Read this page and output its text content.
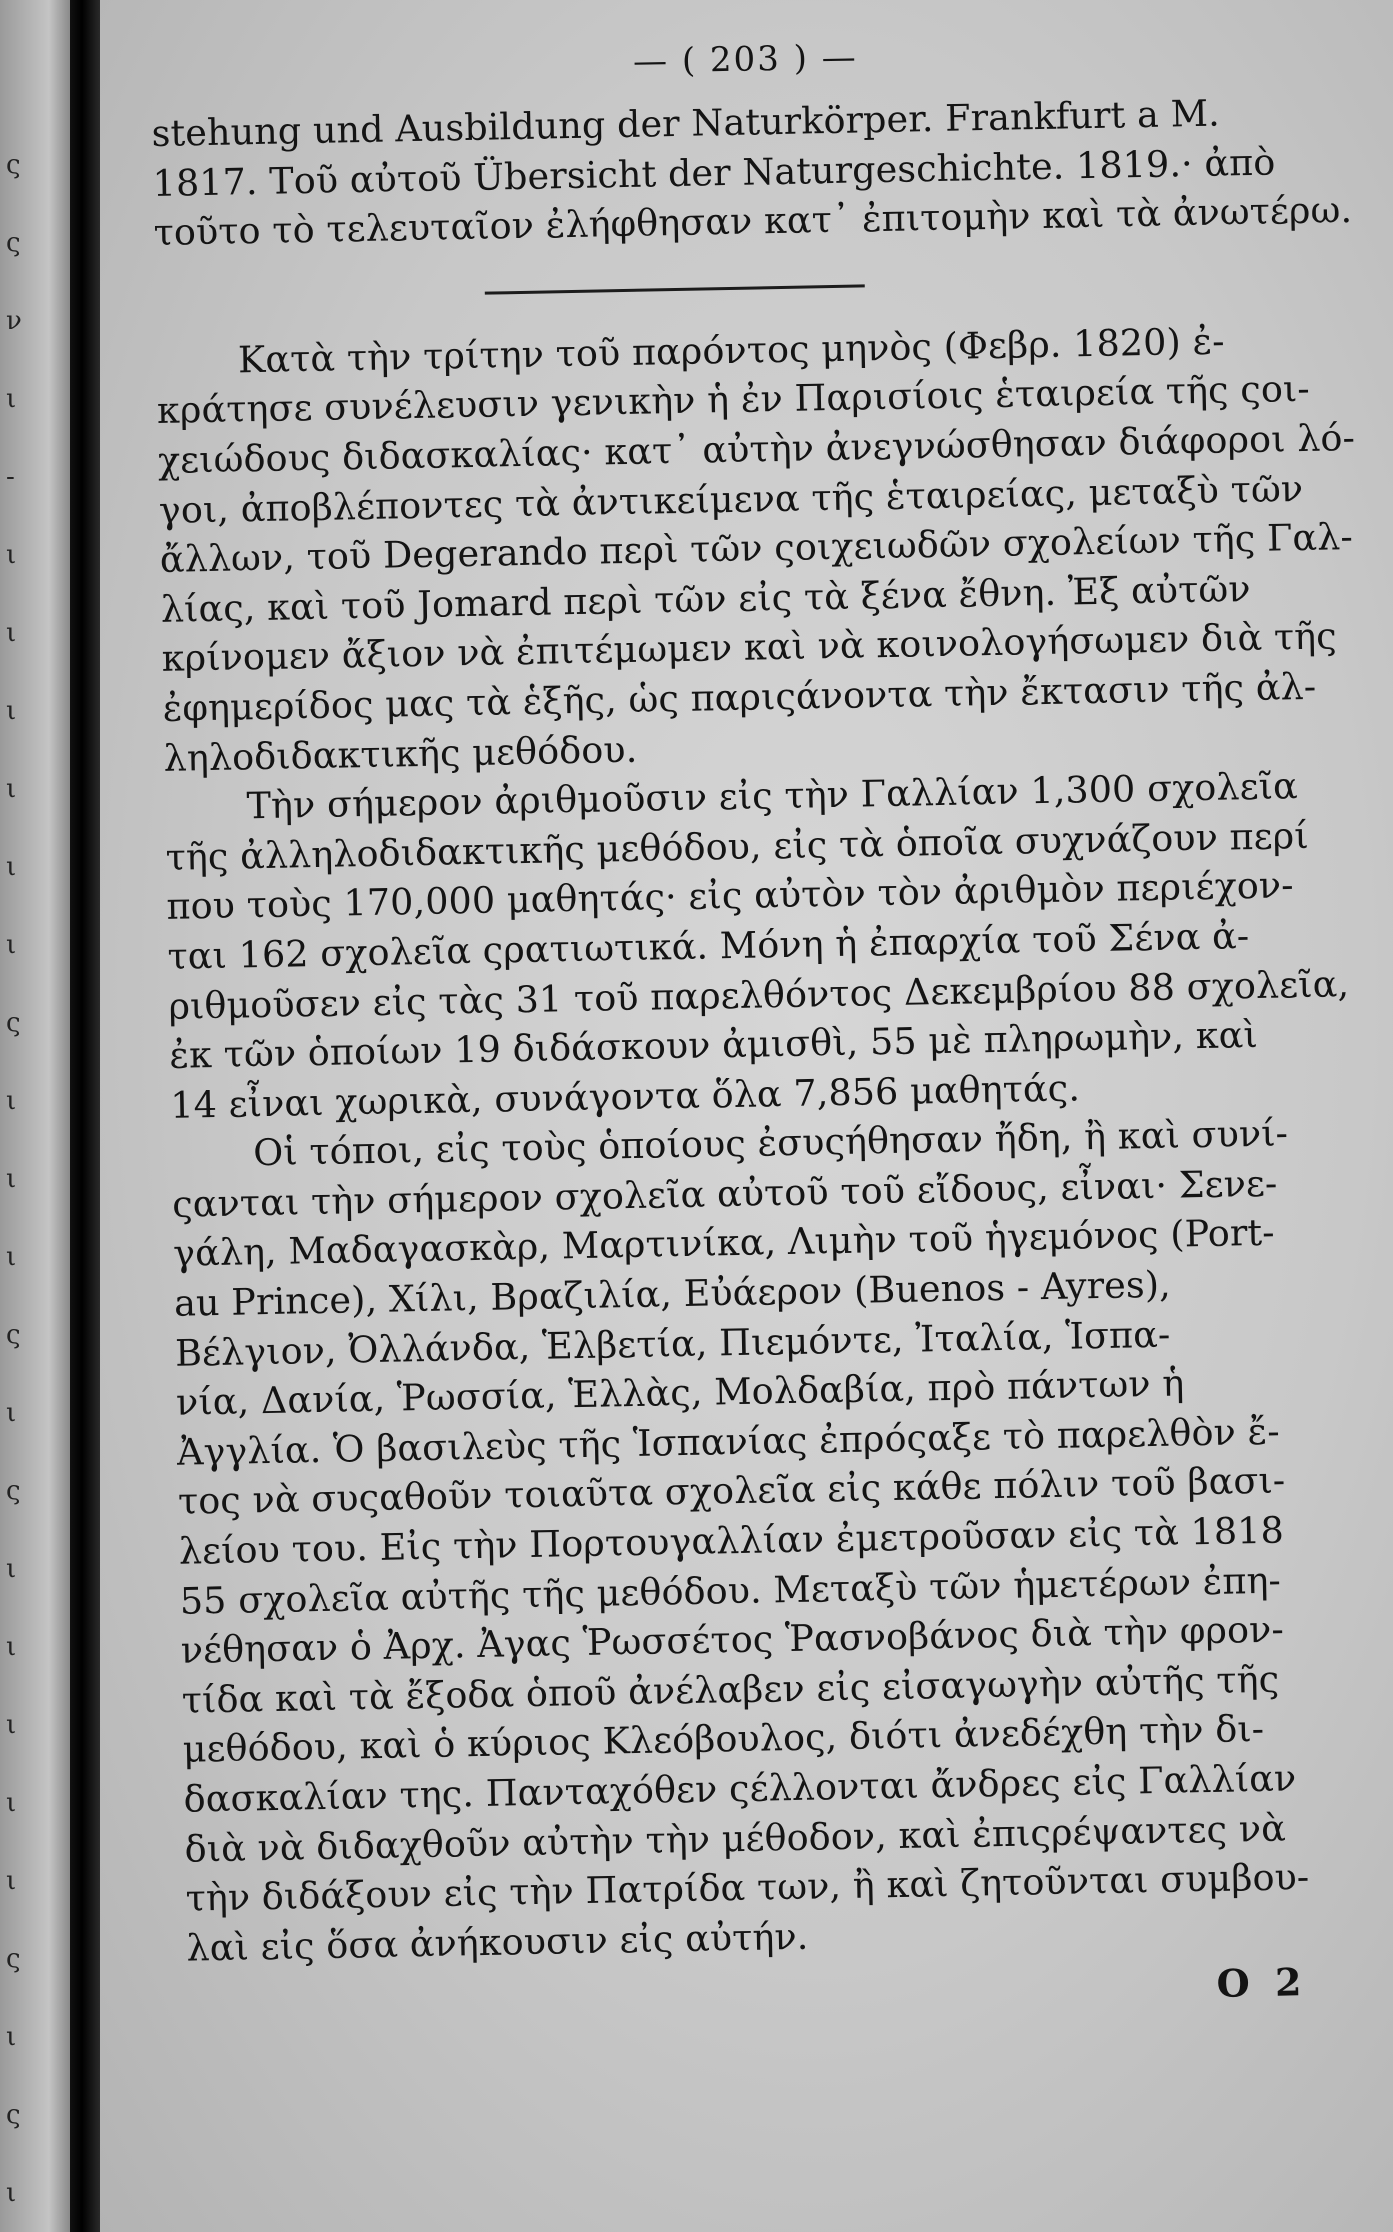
ς
ς
ν
ι
-
ι
ι
ι
ι
ι
ι
ς
ι
ι
ι
ς
ι
ς
ι
ι
ι
ι
ι
ς
ι
ς
ι
— ( 203 ) —
stehung und Ausbildung der Naturkörper. Frankfurt a M.
1817. Τοῦ αὐτοῦ Übersicht der Naturgeschichte. 1819.· ἀπὸ
τοῦτο τὸ τελευταῖον ἐλήφθησαν κατ᾽ ἐπιτομὴν καὶ τὰ ἀνωτέρω.
Κατὰ τὴν τρίτην τοῦ παρόντος μηνὸς (Φεβρ. 1820) ἐ-
κράτησε συνέλευσιν γενικὴν ἡ ἐν Παρισίοις ἑταιρεία τῆς ςοι-
χειώδους διδασκαλίας· κατ᾽ αὐτὴν ἀνεγνώσθησαν διάφοροι λό-
γοι, ἀποβλέποντες τὰ ἀντικείμενα τῆς ἑταιρείας, μεταξὺ τῶν
ἄλλων, τοῦ Degerando περὶ τῶν ςοιχειωδῶν σχολείων τῆς Γαλ-
λίας, καὶ τοῦ Jomard περὶ τῶν εἰς τὰ ξένα ἔθνη. Ἐξ αὐτῶν
κρίνομεν ἄξιον νὰ ἐπιτέμωμεν καὶ νὰ κοινολογήσωμεν διὰ τῆς
ἐφημερίδος μας τὰ ἑξῆς, ὡς παριςάνοντα τὴν ἔκτασιν τῆς ἀλ-
ληλοδιδακτικῆς μεθόδου.
Τὴν σήμερον ἀριθμοῦσιν εἰς τὴν Γαλλίαν 1,300 σχολεῖα
τῆς ἀλληλοδιδακτικῆς μεθόδου, εἰς τὰ ὁποῖα συχνάζουν περί
που τοὺς 170,000 μαθητάς· εἰς αὐτὸν τὸν ἀριθμὸν περιέχον-
ται 162 σχολεῖα ςρατιωτικά. Μόνη ἡ ἐπαρχία τοῦ Σένα ἀ-
ριθμοῦσεν εἰς τὰς 31 τοῦ παρελθόντος Δεκεμβρίου 88 σχολεῖα,
ἐκ τῶν ὁποίων 19 διδάσκουν ἀμισθὶ, 55 μὲ πληρωμὴν, καὶ
14 εἶναι χωρικὰ, συνάγοντα ὅλα 7,856 μαθητάς.
Οἱ τόποι, εἰς τοὺς ὁποίους ἐσυςήθησαν ἤδη, ἢ καὶ συνί-
ςανται τὴν σήμερον σχολεῖα αὐτοῦ τοῦ εἴδους, εἶναι· Σενε-
γάλη, Μαδαγασκὰρ, Μαρτινίκα, Λιμὴν τοῦ ἡγεμόνος (Port-
au Prince), Χίλι, Βραζιλία, Εὐάερον (Buenos - Ayres),
Βέλγιον, Ὀλλάνδα, Ἑλβετία, Πιεμόντε, Ἰταλία, Ἱσπα-
νία, Δανία, Ῥωσσία, Ἑλλὰς, Μολδαβία, πρὸ πάντων ἡ
Ἀγγλία. Ὁ βασιλεὺς τῆς Ἱσπανίας ἐπρόςαξε τὸ παρελθὸν ἔ-
τος νὰ συςαθοῦν τοιαῦτα σχολεῖα εἰς κάθε πόλιν τοῦ βασι-
λείου του. Εἰς τὴν Πορτουγαλλίαν ἐμετροῦσαν εἰς τὰ 1818
55 σχολεῖα αὐτῆς τῆς μεθόδου. Μεταξὺ τῶν ἡμετέρων ἐπη-
νέθησαν ὁ Ἀρχ. Ἀγας Ῥωσσέτος Ῥασνοβάνος διὰ τὴν φρον-
τίδα καὶ τὰ ἔξοδα ὁποῦ ἀνέλαβεν εἰς εἰσαγωγὴν αὐτῆς τῆς
μεθόδου, καὶ ὁ κύριος Κλεόβουλος, διότι ἀνεδέχθη τὴν δι-
δασκαλίαν της. Πανταχόθεν ςέλλονται ἄνδρες εἰς Γαλλίαν
διὰ νὰ διδαχθοῦν αὐτὴν τὴν μέθοδον, καὶ ἐπιςρέψαντες νὰ
τὴν διδάξουν εἰς τὴν Πατρίδα των, ἢ καὶ ζητοῦνται συμβου-
λαὶ εἰς ὅσα ἀνήκουσιν εἰς αὐτήν.
O 2
